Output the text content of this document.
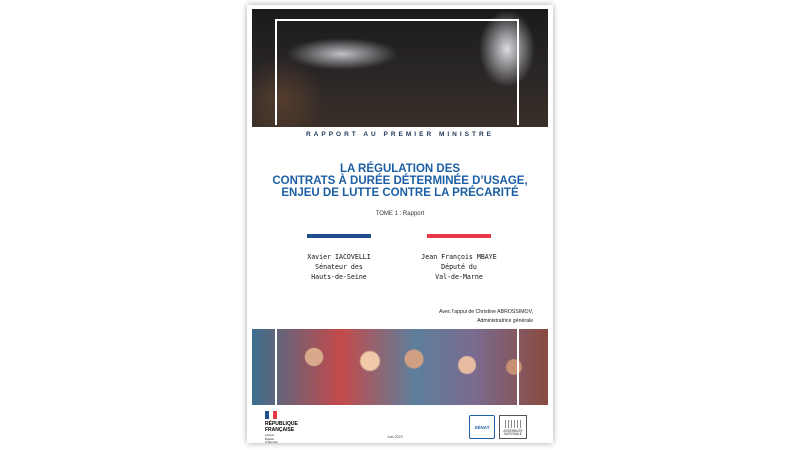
RAPPORT AU PREMIER MINISTRE
LA RÉGULATION DES
CONTRATS À DURÉE DÉTERMINÉE D’USAGE,
ENJEU DE LUTTE CONTRE LA PRÉCARITÉ
TOME 1 : Rapport
Xavier IACOVELLI
Sénateur des
Hauts-de-Seine
Jean François MBAYE
Député du
Val-de-Marne
Avec l’appui de Christine ABROSSIMOV,
Administratrice générale
RÉPUBLIQUE
FRANÇAISE
Liberté
Égalité
Fraternité
Juin 2023
SÉNAT
ASSEMBLÉE
NATIONALE
